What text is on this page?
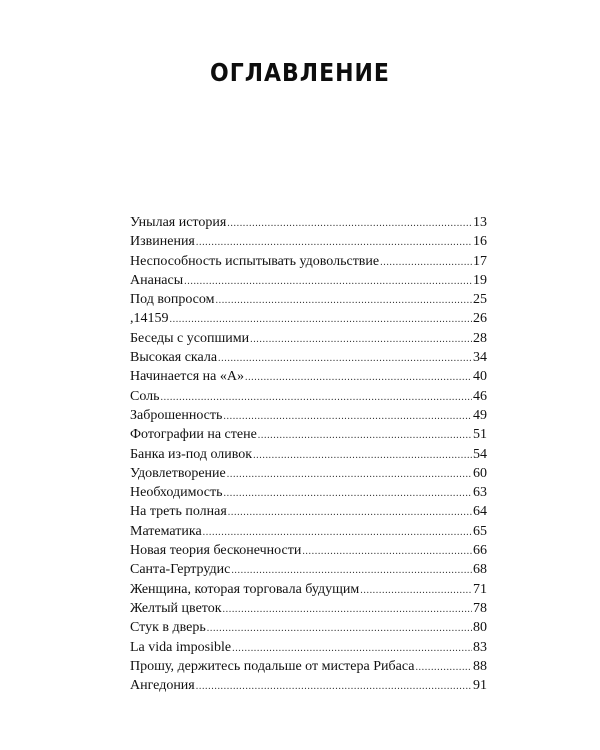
ОГЛАВЛЕНИЕ
Унылая история .....	13
Извинения .....	16
Неспособность испытывать удовольствие .....	17
Ананасы .....	19
Под вопросом .....	25
,14159 .....	26
Беседы с усопшими .....	28
Высокая скала .....	34
Начинается на «А» .....	40
Соль .....	46
Заброшенность .....	49
Фотографии на стене .....	51
Банка из-под оливок .....	54
Удовлетворение .....	60
Необходимость .....	63
На треть полная .....	64
Математика .....	65
Новая теория бесконечности .....	66
Санта-Гертрудис .....	68
Женщина, которая торговала будущим .....	71
Желтый цветок .....	78
Стук в дверь .....	80
La vida imposible .....	83
Прошу, держитесь подальше от мистера Рибаса .....	88
Ангедония .....	91
